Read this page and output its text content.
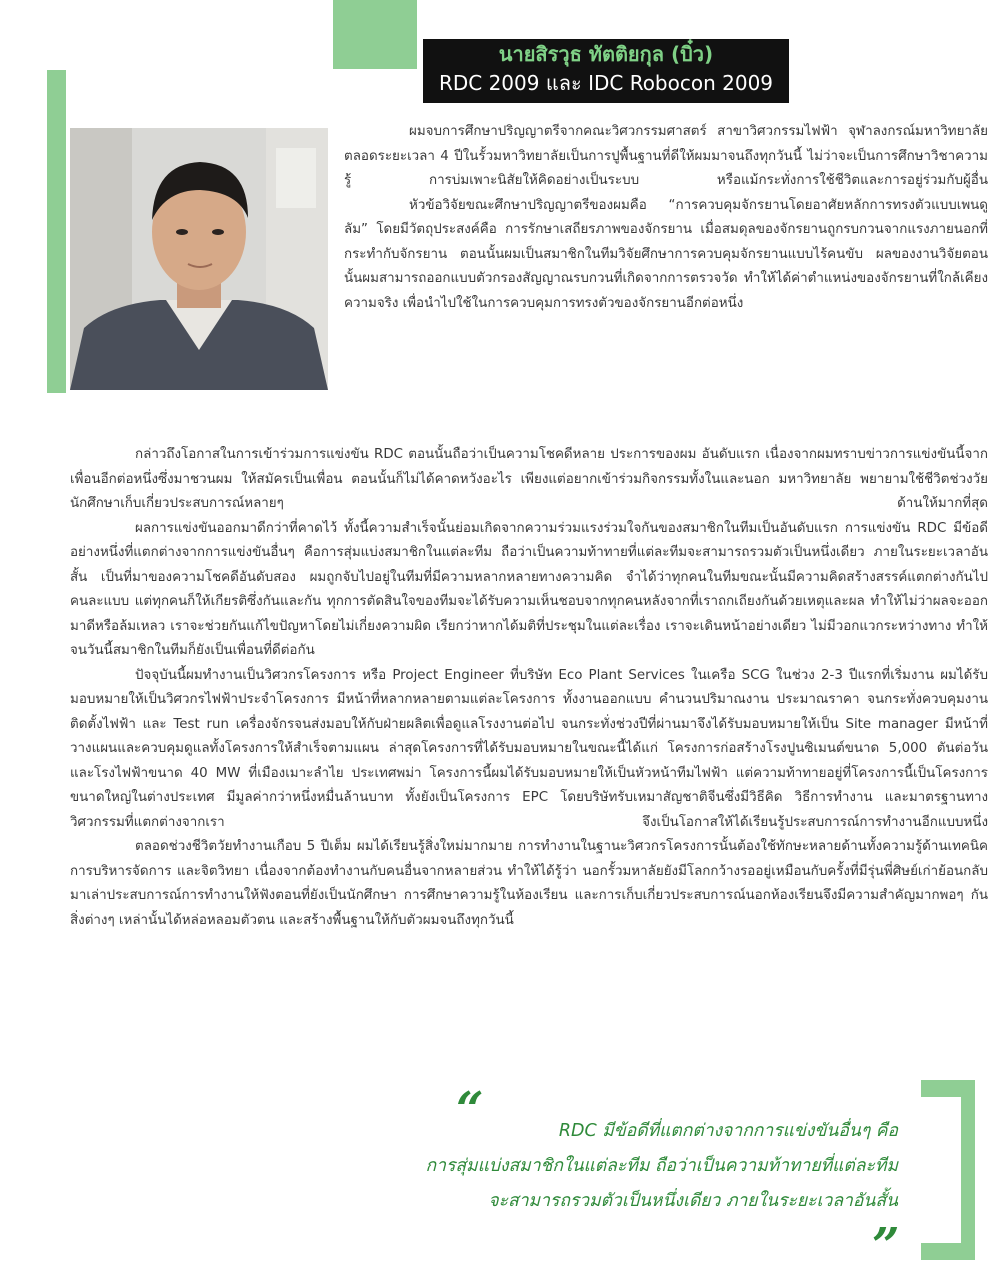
นายสิรวุธ ทัตติยกุล (บิ๋ว)
RDC 2009 และ IDC Robocon 2009

ผมจบการศึกษาปริญญาตรีจากคณะวิศวกรรมศาสตร์ สาขาวิศวกรรมไฟฟ้า จุฬาลงกรณ์มหาวิทยาลัย ตลอดระยะเวลา 4 ปีในรั้วมหาวิทยาลัยเป็นการปูพื้นฐานที่ดีให้ผมมาจนถึงทุกวันนี้ ไม่ว่าจะเป็นการศึกษาวิชาความรู้ การบ่มเพาะนิสัยให้คิดอย่างเป็นระบบ หรือแม้กระทั่งการใช้ชีวิตและการอยู่ร่วมกับผู้อื่น

หัวข้อวิจัยขณะศึกษาปริญญาตรีของผมคือ “การควบคุมจักรยานโดยอาศัยหลักการทรงตัวแบบเพนดูลัม” โดยมีวัตถุประสงค์คือ การรักษาเสถียรภาพของจักรยาน เมื่อสมดุลของจักรยานถูกรบกวนจากแรงภายนอกที่กระทำกับจักรยาน ตอนนั้นผมเป็นสมาชิกในทีมวิจัยศึกษาการควบคุมจักรยานแบบไร้คนขับ ผลของงานวิจัยตอนนั้นผมสามารถออกแบบตัวกรองสัญญาณรบกวนที่เกิดจากการตรวจวัด ทำให้ได้ค่าตำแหน่งของจักรยานที่ใกล้เคียงความจริง เพื่อนำไปใช้ในการควบคุมการทรงตัวของจักรยานอีกต่อหนึ่ง

กล่าวถึงโอกาสในการเข้าร่วมการแข่งขัน RDC ตอนนั้นถือว่าเป็นความโชคดีหลาย ประการของผม อันดับแรก เนื่องจากผมทราบข่าวการแข่งขันนี้จากเพื่อนอีกต่อหนึ่งซึ่งมาชวนผม ให้สมัครเป็นเพื่อน ตอนนั้นก็ไม่ได้คาดหวังอะไร เพียงแต่อยากเข้าร่วมกิจกรรมทั้งในและนอก มหาวิทยาลัย พยายามใช้ชีวิตช่วงวัยนักศึกษาเก็บเกี่ยวประสบการณ์หลายๆ ด้านให้มากที่สุด

ผลการแข่งขันออกมาดีกว่าที่คาดไว้ ทั้งนี้ความสำเร็จนั้นย่อมเกิดจากความร่วมแรงร่วมใจกันของสมาชิกในทีมเป็นอันดับแรก การแข่งขัน RDC มีข้อดีอย่างหนึ่งที่แตกต่างจากการแข่งขันอื่นๆ คือการสุ่มแบ่งสมาชิกในแต่ละทีม ถือว่าเป็นความท้าทายที่แต่ละทีมจะสามารถรวมตัวเป็นหนึ่งเดียว ภายในระยะเวลาอันสั้น เป็นที่มาของความโชคดีอันดับสอง ผมถูกจับไปอยู่ในทีมที่มีความหลากหลายทางความคิด จำได้ว่าทุกคนในทีมขณะนั้นมีความคิดสร้างสรรค์แตกต่างกันไปคนละแบบ แต่ทุกคนก็ให้เกียรติซึ่งกันและกัน ทุกการตัดสินใจของทีมจะได้รับความเห็นชอบจากทุกคนหลังจากที่เราถกเถียงกันด้วยเหตุและผล ทำให้ไม่ว่าผลจะออกมาดีหรือล้มเหลว เราจะช่วยกันแก้ไขปัญหาโดยไม่เกี่ยงความผิด เรียกว่าหากได้มติที่ประชุมในแต่ละเรื่อง เราจะเดินหน้าอย่างเดียว ไม่มีวอกแวกระหว่างทาง ทำให้จนวันนี้สมาชิกในทีมก็ยังเป็นเพื่อนที่ดีต่อกัน

ปัจจุบันนี้ผมทำงานเป็นวิศวกรโครงการ หรือ Project Engineer ที่บริษัท Eco Plant Services ในเครือ SCG ในช่วง 2-3 ปีแรกที่เริ่มงาน ผมได้รับมอบหมายให้เป็นวิศวกรไฟฟ้าประจำโครงการ มีหน้าที่หลากหลายตามแต่ละโครงการ ทั้งงานออกแบบ คำนวนปริมาณงาน ประมาณราคา จนกระทั่งควบคุมงานติดตั้งไฟฟ้า และ Test run เครื่องจักรจนส่งมอบให้กับฝ่ายผลิตเพื่อดูแลโรงงานต่อไป จนกระทั่งช่วงปีที่ผ่านมาจึงได้รับมอบหมายให้เป็น Site manager มีหน้าที่วางแผนและควบคุมดูแลทั้งโครงการให้สำเร็จตามแผน ล่าสุดโครงการที่ได้รับมอบหมายในขณะนี้ได้แก่ โครงการก่อสร้างโรงปูนซิเมนต์ขนาด 5,000 ตันต่อวัน และโรงไฟฟ้าขนาด 40 MW ที่เมืองเมาะลำไย ประเทศพม่า โครงการนี้ผมได้รับมอบหมายให้เป็นหัวหน้าทีมไฟฟ้า แต่ความท้าทายอยู่ที่โครงการนี้เป็นโครงการขนาดใหญ่ในต่างประเทศ มีมูลค่ากว่าหนึ่งหมื่นล้านบาท ทั้งยังเป็นโครงการ EPC โดยบริษัทรับเหมาสัญชาติจีนซึ่งมีวิธีคิด วิธีการทำงาน และมาตรฐานทางวิศวกรรมที่แตกต่างจากเรา จึงเป็นโอกาสให้ได้เรียนรู้ประสบการณ์การทำงานอีกแบบหนึ่ง

ตลอดช่วงชีวิตวัยทำงานเกือบ 5 ปีเต็ม ผมได้เรียนรู้สิ่งใหม่มากมาย การทำงานในฐานะวิศวกรโครงการนั้นต้องใช้ทักษะหลายด้านทั้งความรู้ด้านเทคนิค การบริหารจัดการ และจิตวิทยา เนื่องจากต้องทำงานกับคนอื่นจากหลายส่วน ทำให้ได้รู้ว่า นอกรั้วมหาลัยยังมีโลกกว้างรออยู่เหมือนกับครั้งที่มีรุ่นพี่ศิษย์เก่าย้อนกลับมาเล่าประสบการณ์การทำงานให้ฟังตอนที่ยังเป็นนักศึกษา การศึกษาความรู้ในห้องเรียน และการเก็บเกี่ยวประสบการณ์นอกห้องเรียนจึงมีความสำคัญมากพอๆ กัน สิ่งต่างๆ เหล่านั้นได้หล่อหลอมตัวตน และสร้างพื้นฐานให้กับตัวผมจนถึงทุกวันนี้

“	RDC มีข้อดีที่แตกต่างจากการแข่งขันอื่นๆ คือ
การสุ่มแบ่งสมาชิกในแต่ละทีม ถือว่าเป็นความท้าทายที่แต่ละทีม
จะสามารถรวมตัวเป็นหนึ่งเดียว ภายในระยะเวลาอันสั้น
”
